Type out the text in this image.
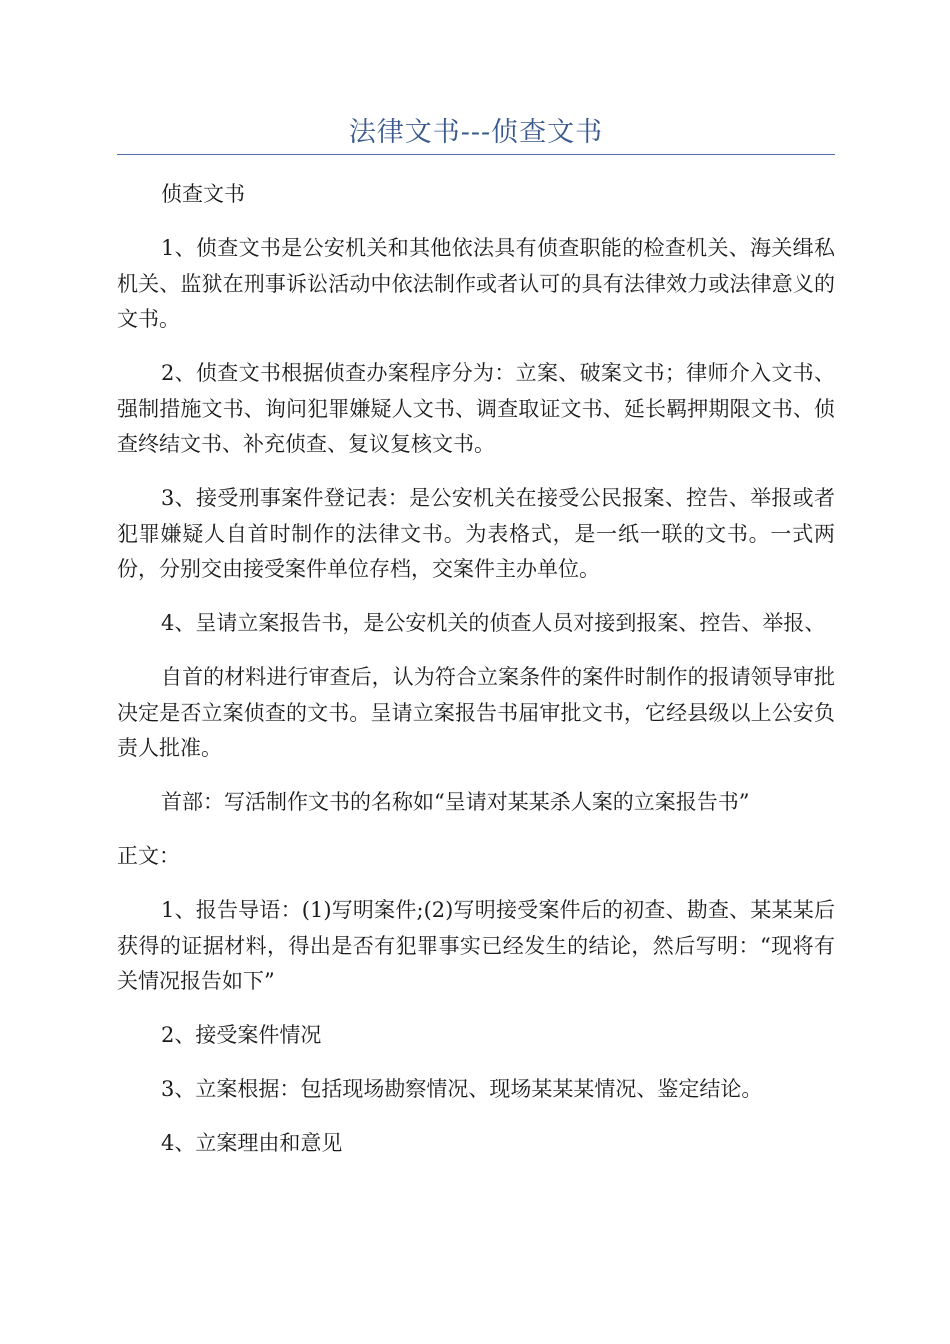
法律文书---侦查文书

侦查文书

1、侦查文书是公安机关和其他依法具有侦查职能的检查机关、海关缉私机关、监狱在刑事诉讼活动中依法制作或者认可的具有法律效力或法律意义的文书。

2、侦查文书根据侦查办案程序分为：立案、破案文书；律师介入文书、强制措施文书、询问犯罪嫌疑人文书、调查取证文书、延长羁押期限文书、侦查终结文书、补充侦查、复议复核文书。

3、接受刑事案件登记表：是公安机关在接受公民报案、控告、举报或者犯罪嫌疑人自首时制作的法律文书。为表格式，是一纸一联的文书。一式两份，分别交由接受案件单位存档，交案件主办单位。

4、呈请立案报告书，是公安机关的侦查人员对接到报案、控告、举报、

自首的材料进行审查后，认为符合立案条件的案件时制作的报请领导审批决定是否立案侦查的文书。呈请立案报告书届审批文书，它经县级以上公安负责人批准。

首部：写活制作文书的名称如“呈请对某某杀人案的立案报告书”

正文：

1、报告导语：(1)写明案件;(2)写明接受案件后的初查、勘查、某某某后获得的证据材料，得出是否有犯罪事实已经发生的结论，然后写明：“现将有关情况报告如下”

2、接受案件情况

3、立案根据：包括现场勘察情况、现场某某某情况、鉴定结论。

4、立案理由和意见
